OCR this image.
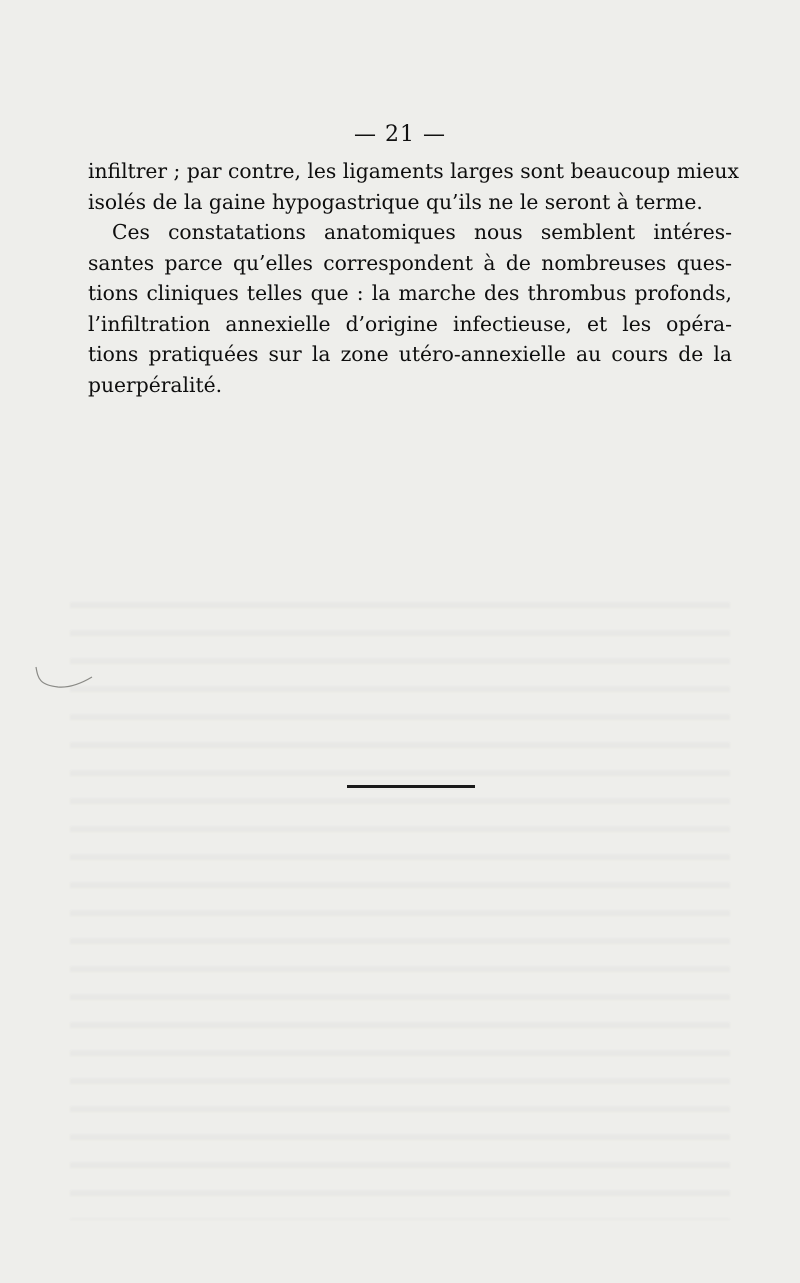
— 21 —
infiltrer ; par contre, les ligaments larges sont beaucoup mieux
isolés de la gaine hypogastrique qu’ils ne le seront à terme.
Ces constatations anatomiques nous semblent intéres-
santes parce qu’elles correspondent à de nombreuses ques-
tions cliniques telles que : la marche des thrombus profonds,
l’infiltration annexielle d’origine infectieuse, et les opéra-
tions pratiquées sur la zone utéro-annexielle au cours de la
puerpéralité.
